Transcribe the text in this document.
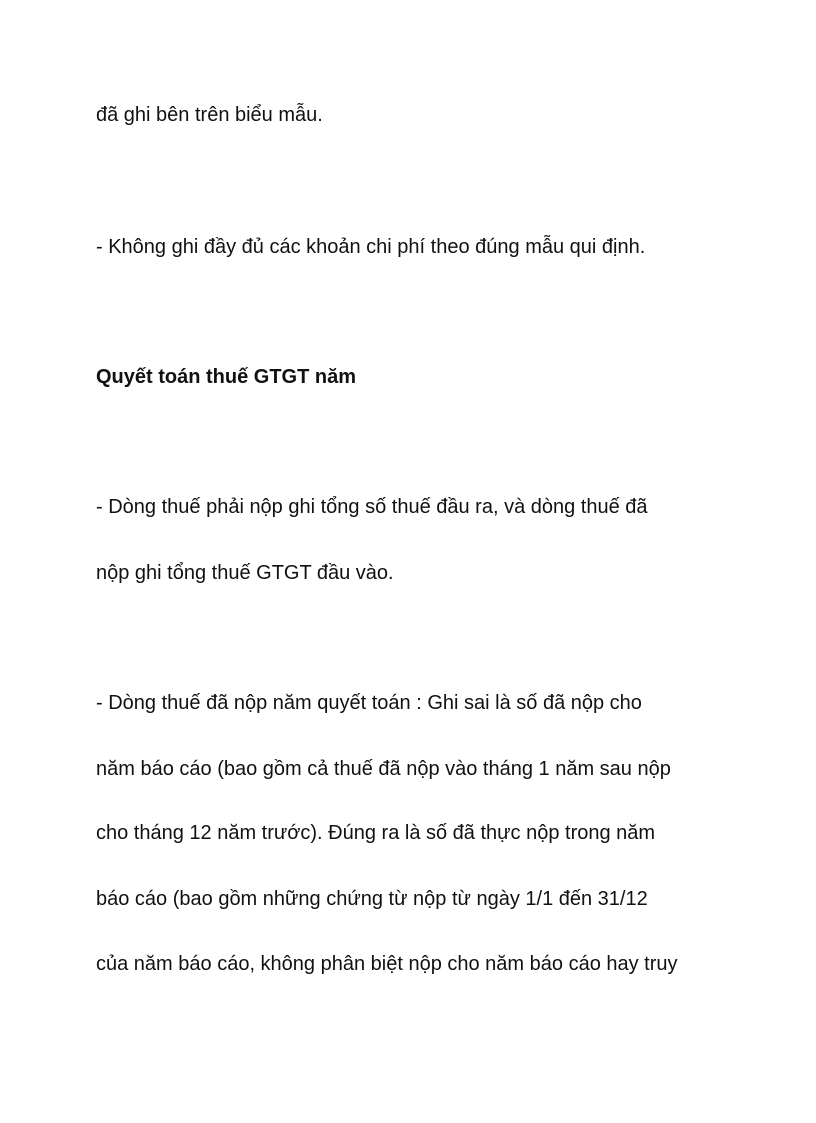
đã ghi bên trên biểu mẫu.

- Không ghi đầy đủ các khoản chi phí theo đúng mẫu qui định.

Quyết toán thuế GTGT năm

- Dòng thuế phải nộp ghi tổng số thuế đầu ra, và dòng thuế đã

nộp ghi tổng thuế GTGT đầu vào.

- Dòng thuế đã nộp năm quyết toán : Ghi sai là số đã nộp cho

năm báo cáo (bao gồm cả thuế đã nộp vào tháng 1 năm sau nộp

cho tháng 12 năm trước). Đúng ra là số đã thực nộp trong năm

báo cáo (bao gồm những chứng từ nộp từ ngày 1/1 đến 31/12

của năm báo cáo, không phân biệt nộp cho năm báo cáo hay truy
